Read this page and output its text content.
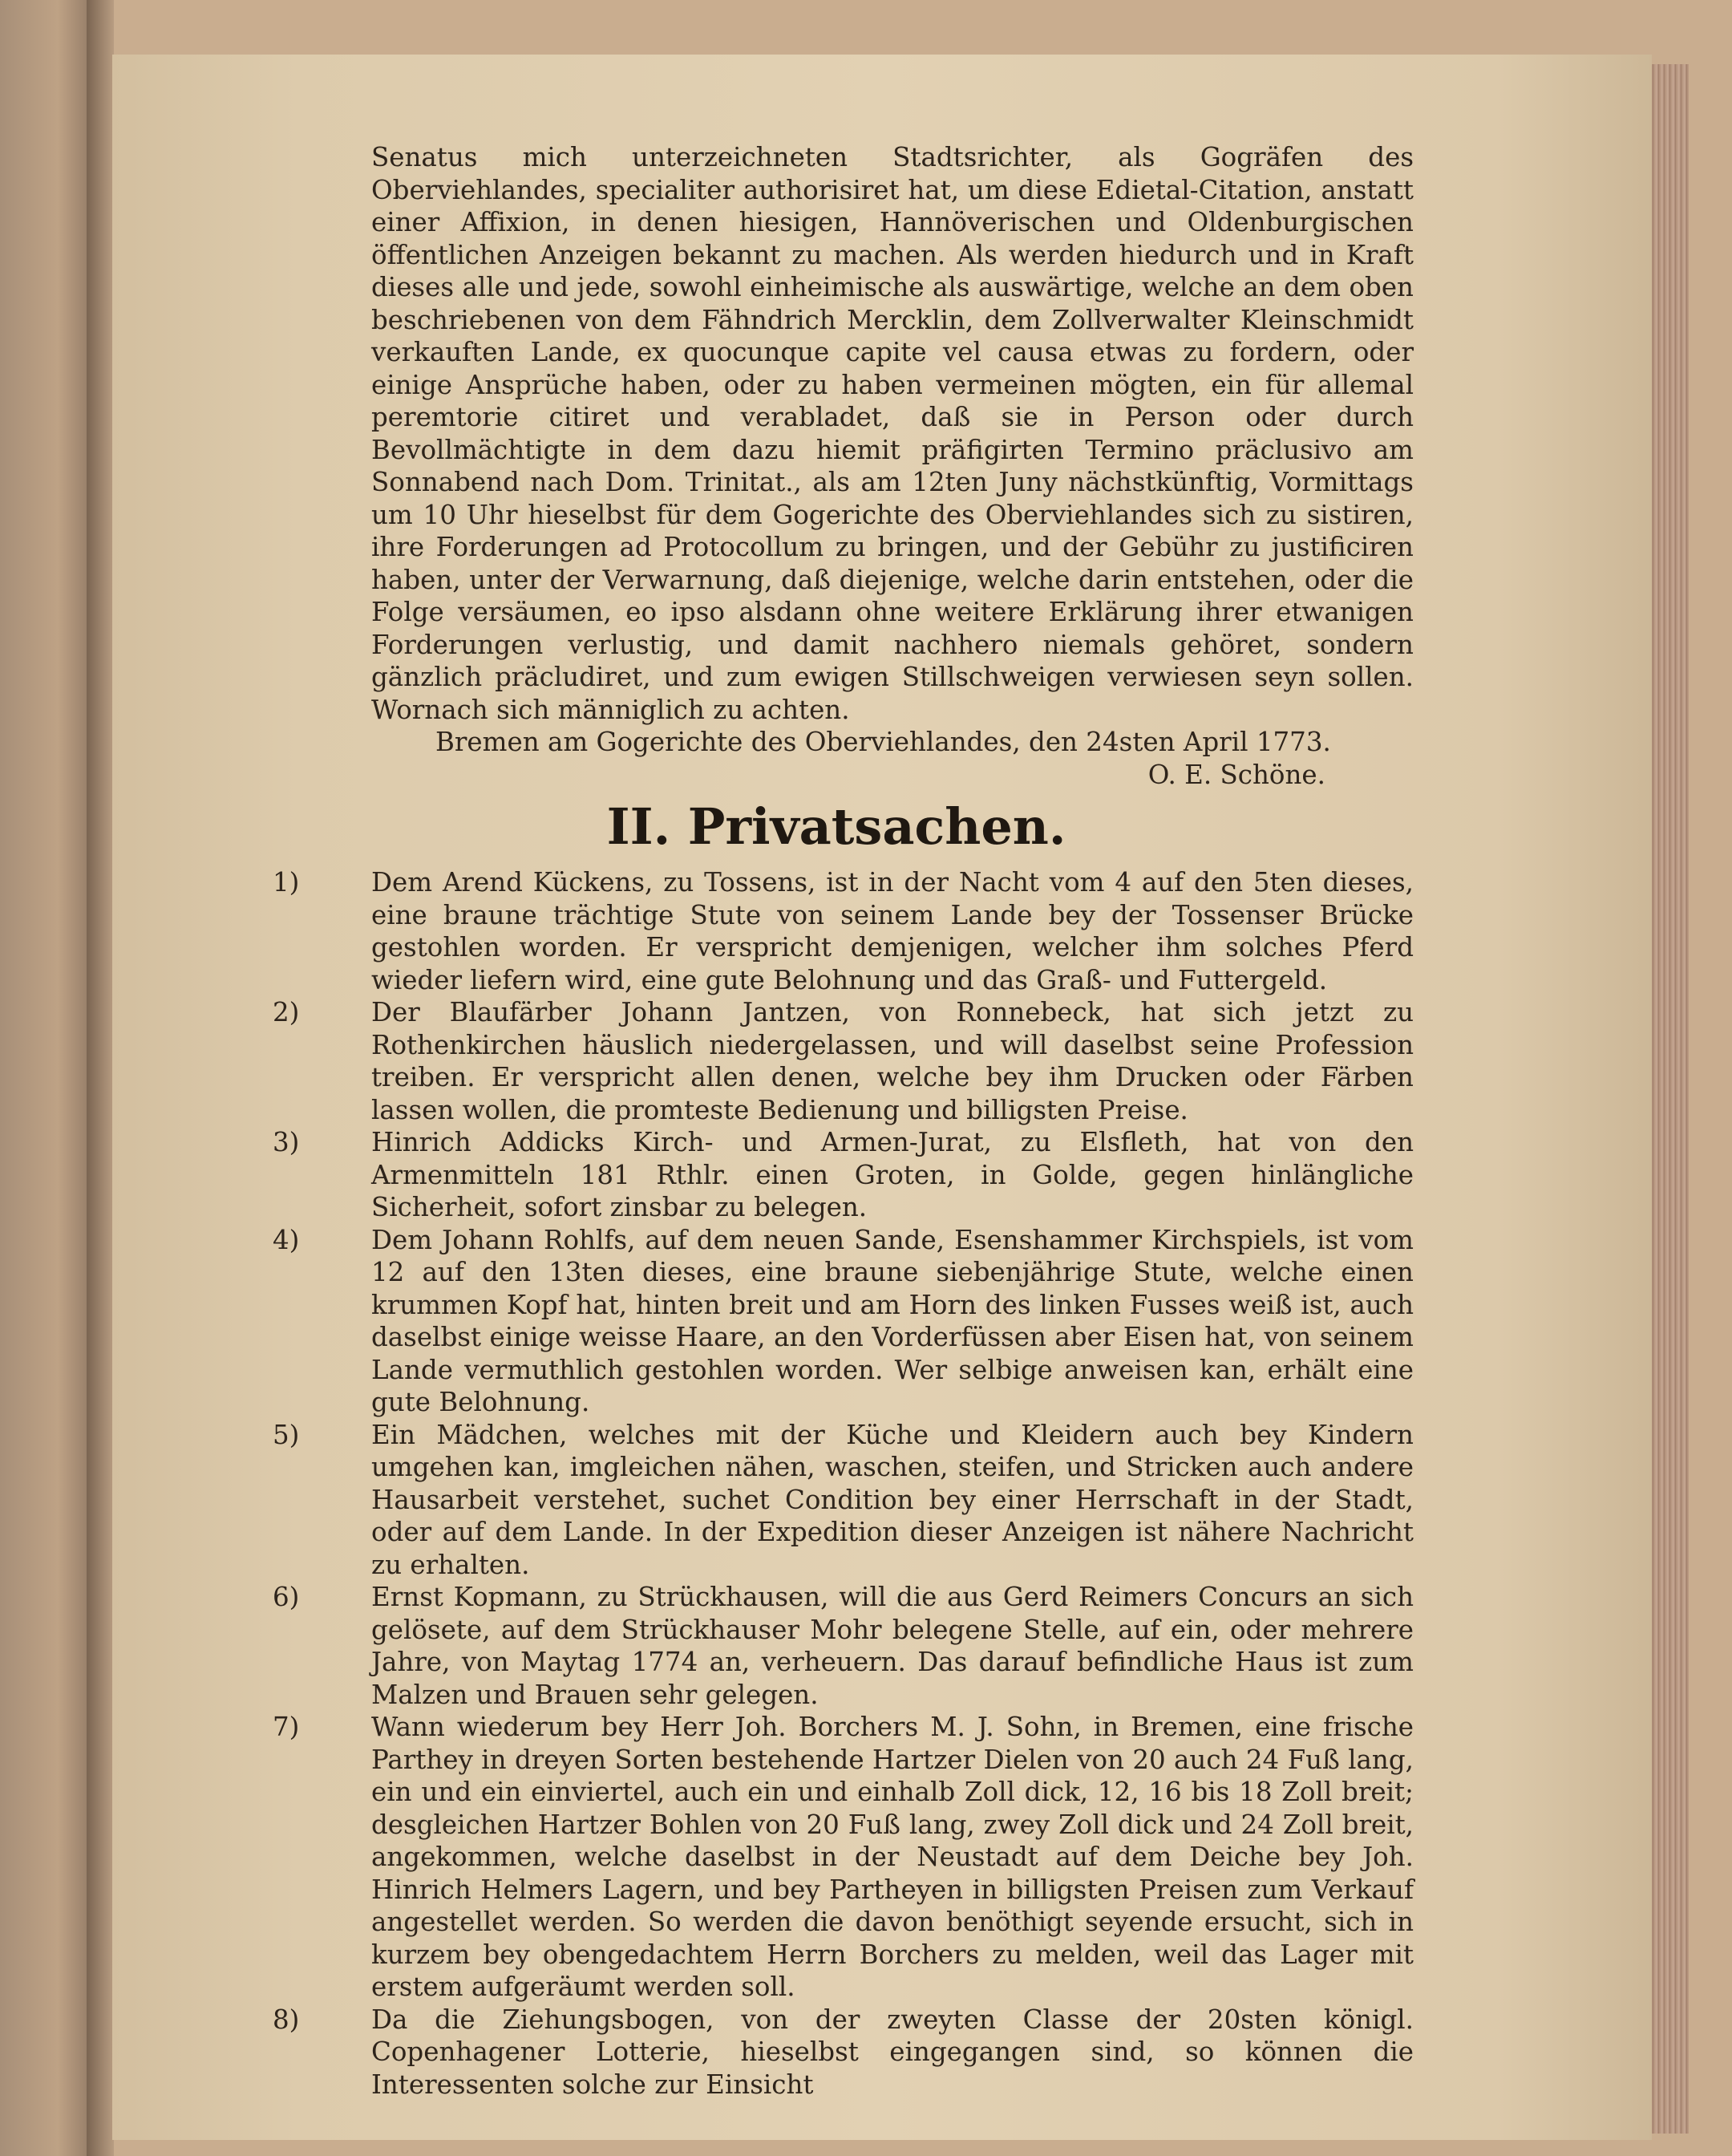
Senatus mich unterzeichneten Stadtsrichter, als Gogräfen des Oberviehlandes, specialiter authorisiret hat, um diese Edietal-Citation, anstatt einer Affixion, in denen hiesigen, Hannöverischen und Oldenburgischen öffentlichen Anzeigen bekannt zu machen. Als werden hiedurch und in Kraft dieses alle und jede, sowohl einheimische als auswärtige, welche an dem oben beschriebenen von dem Fähndrich Mercklin, dem Zollverwalter Kleinschmidt verkauften Lande, ex quocunque capite vel causa etwas zu fordern, oder einige Ansprüche haben, oder zu haben vermeinen mögten, ein für allemal peremtorie citiret und verabladet, daß sie in Person oder durch Bevollmächtigte in dem dazu hiemit präfigirten Termino präclusivo am Sonnabend nach Dom. Trinitat., als am 12ten Juny nächstkünftig, Vormittags um 10 Uhr hieselbst für dem Gogerichte des Oberviehlandes sich zu sistiren, ihre Forderungen ad Protocollum zu bringen, und der Gebühr zu justificiren haben, unter der Verwarnung, daß diejenige, welche darin entstehen, oder die Folge versäumen, eo ipso alsdann ohne weitere Erklärung ihrer etwanigen Forderungen verlustig, und damit nachhero niemals gehöret, sondern gänzlich präcludiret, und zum ewigen Stillschweigen verwiesen seyn sollen. Wornach sich männiglich zu achten.

Bremen am Gogerichte des Oberviehlandes, den 24sten April 1773.

O. E. Schöne.

II. Privatsachen.
1)	Dem Arend Kückens, zu Tossens, ist in der Nacht vom 4 auf den 5ten dieses, eine braune trächtige Stute von seinem Lande bey der Tossenser Brücke gestohlen worden. Er verspricht demjenigen, welcher ihm solches Pferd wieder liefern wird, eine gute Belohnung und das Graß- und Futtergeld.
2)	Der Blaufärber Johann Jantzen, von Ronnebeck, hat sich jetzt zu Rothenkirchen häuslich niedergelassen, und will daselbst seine Profession treiben. Er verspricht allen denen, welche bey ihm Drucken oder Färben lassen wollen, die promteste Bedienung und billigsten Preise.
3)	Hinrich Addicks Kirch- und Armen-Jurat, zu Elsfleth, hat von den Armenmitteln 181 Rthlr. einen Groten, in Golde, gegen hinlängliche Sicherheit, sofort zinsbar zu belegen.
4)	Dem Johann Rohlfs, auf dem neuen Sande, Esenshammer Kirchspiels, ist vom 12 auf den 13ten dieses, eine braune siebenjährige Stute, welche einen krummen Kopf hat, hinten breit und am Horn des linken Fusses weiß ist, auch daselbst einige weisse Haare, an den Vorderfüssen aber Eisen hat, von seinem Lande vermuthlich gestohlen worden. Wer selbige anweisen kan, erhält eine gute Belohnung.
5)	Ein Mädchen, welches mit der Küche und Kleidern auch bey Kindern umgehen kan, imgleichen nähen, waschen, steifen, und Stricken auch andere Hausarbeit verstehet, suchet Condition bey einer Herrschaft in der Stadt, oder auf dem Lande. In der Expedition dieser Anzeigen ist nähere Nachricht zu erhalten.
6)	Ernst Kopmann, zu Strückhausen, will die aus Gerd Reimers Concurs an sich gelösete, auf dem Strückhauser Mohr belegene Stelle, auf ein, oder mehrere Jahre, von Maytag 1774 an, verheuern. Das darauf befindliche Haus ist zum Malzen und Brauen sehr gelegen.
7)	Wann wiederum bey Herr Joh. Borchers M. J. Sohn, in Bremen, eine frische Parthey in dreyen Sorten bestehende Hartzer Dielen von 20 auch 24 Fuß lang, ein und ein einviertel, auch ein und einhalb Zoll dick, 12, 16 bis 18 Zoll breit; desgleichen Hartzer Bohlen von 20 Fuß lang, zwey Zoll dick und 24 Zoll breit, angekommen, welche daselbst in der Neustadt auf dem Deiche bey Joh. Hinrich Helmers Lagern, und bey Partheyen in billigsten Preisen zum Verkauf angestellet werden. So werden die davon benöthigt seyende ersucht, sich in kurzem bey obengedachtem Herrn Borchers zu melden, weil das Lager mit erstem aufgeräumt werden soll.
8)	Da die Ziehungsbogen, von der zweyten Classe der 20sten königl. Copenhagener Lotterie, hieselbst eingegangen sind, so können die Interessenten solche zur Einsicht
